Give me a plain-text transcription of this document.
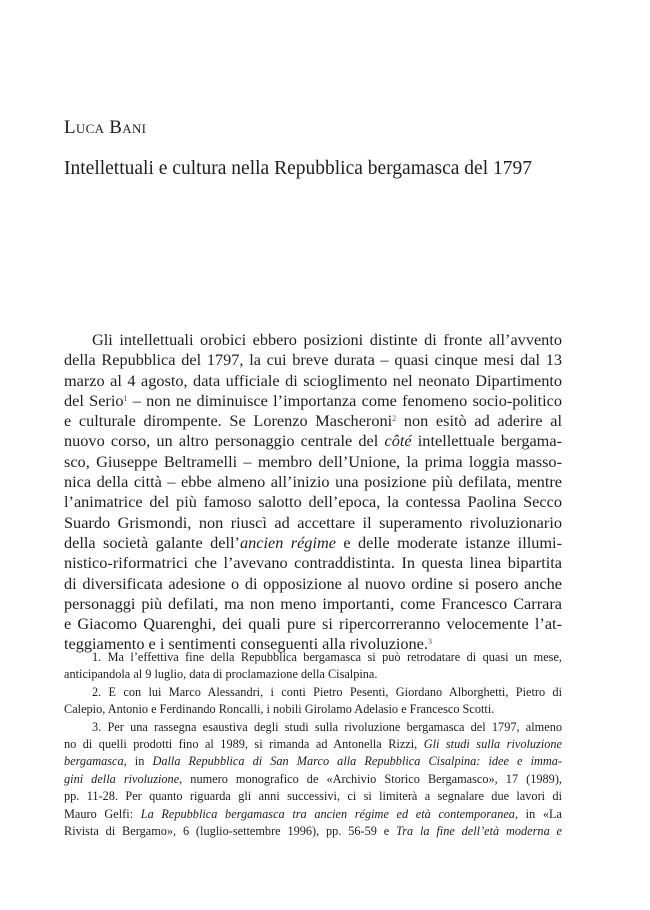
Luca Bani
Intellettuali e cultura nella Repubblica bergamasca del 1797
Gli intellettuali orobici ebbero posizioni distinte di fronte all’avvento
della Repubblica del 1797, la cui breve durata – quasi cinque mesi dal 13
marzo al 4 agosto, data ufficiale di scioglimento nel neonato Dipartimento
del Serio$^1$ – non ne diminuisce l’importanza come fenomeno socio-politico
e culturale dirompente. Se Lorenzo Mascheroni$^2$ non esitò ad aderire al
nuovo corso, un altro personaggio centrale del côté intellettuale bergama-
sco, Giuseppe Beltramelli – membro dell’Unione, la prima loggia masso-
nica della città – ebbe almeno all’inizio una posizione più defilata, mentre
l’animatrice del più famoso salotto dell’epoca, la contessa Paolina Secco
Suardo Grismondi, non riuscì ad accettare il superamento rivoluzionario
della società galante dell’ancien régime e delle moderate istanze illumi-
nistico-riformatrici che l’avevano contraddistinta. In questa linea bipartita
di diversificata adesione o di opposizione al nuovo ordine si posero anche
personaggi più defilati, ma non meno importanti, come Francesco Carrara
e Giacomo Quarenghi, dei quali pure si ripercorreranno velocemente l’at-
teggiamento e i sentimenti conseguenti alla rivoluzione.$^3$
1. Ma l’effettiva fine della Repubblica bergamasca si può retrodatare di quasi un mese,
anticipandola al 9 luglio, data di proclamazione della Cisalpina.
2. E con lui Marco Alessandri, i conti Pietro Pesenti, Giordano Alborghetti, Pietro di
Calepio, Antonio e Ferdinando Roncalli, i nobili Girolamo Adelasio e Francesco Scotti.
3. Per una rassegna esaustiva degli studi sulla rivoluzione bergamasca del 1797, almeno
no di quelli prodotti fino al 1989, si rimanda ad Antonella Rizzi, Gli studi sulla rivoluzione
bergamasca, in Dalla Repubblica di San Marco alla Repubblica Cisalpina: idee e imma-
gini della rivoluzione, numero monografico de «Archivio Storico Bergamasco», 17 (1989),
pp. 11-28. Per quanto riguarda gli anni successivi, ci si limiterà a segnalare due lavori di
Mauro Gelfi: La Repubblica bergamasca tra ancien régime ed età contemporanea, in «La
Rivista di Bergamo», 6 (luglio-settembre 1996), pp. 56-59 e Tra la fine dell’età moderna e
